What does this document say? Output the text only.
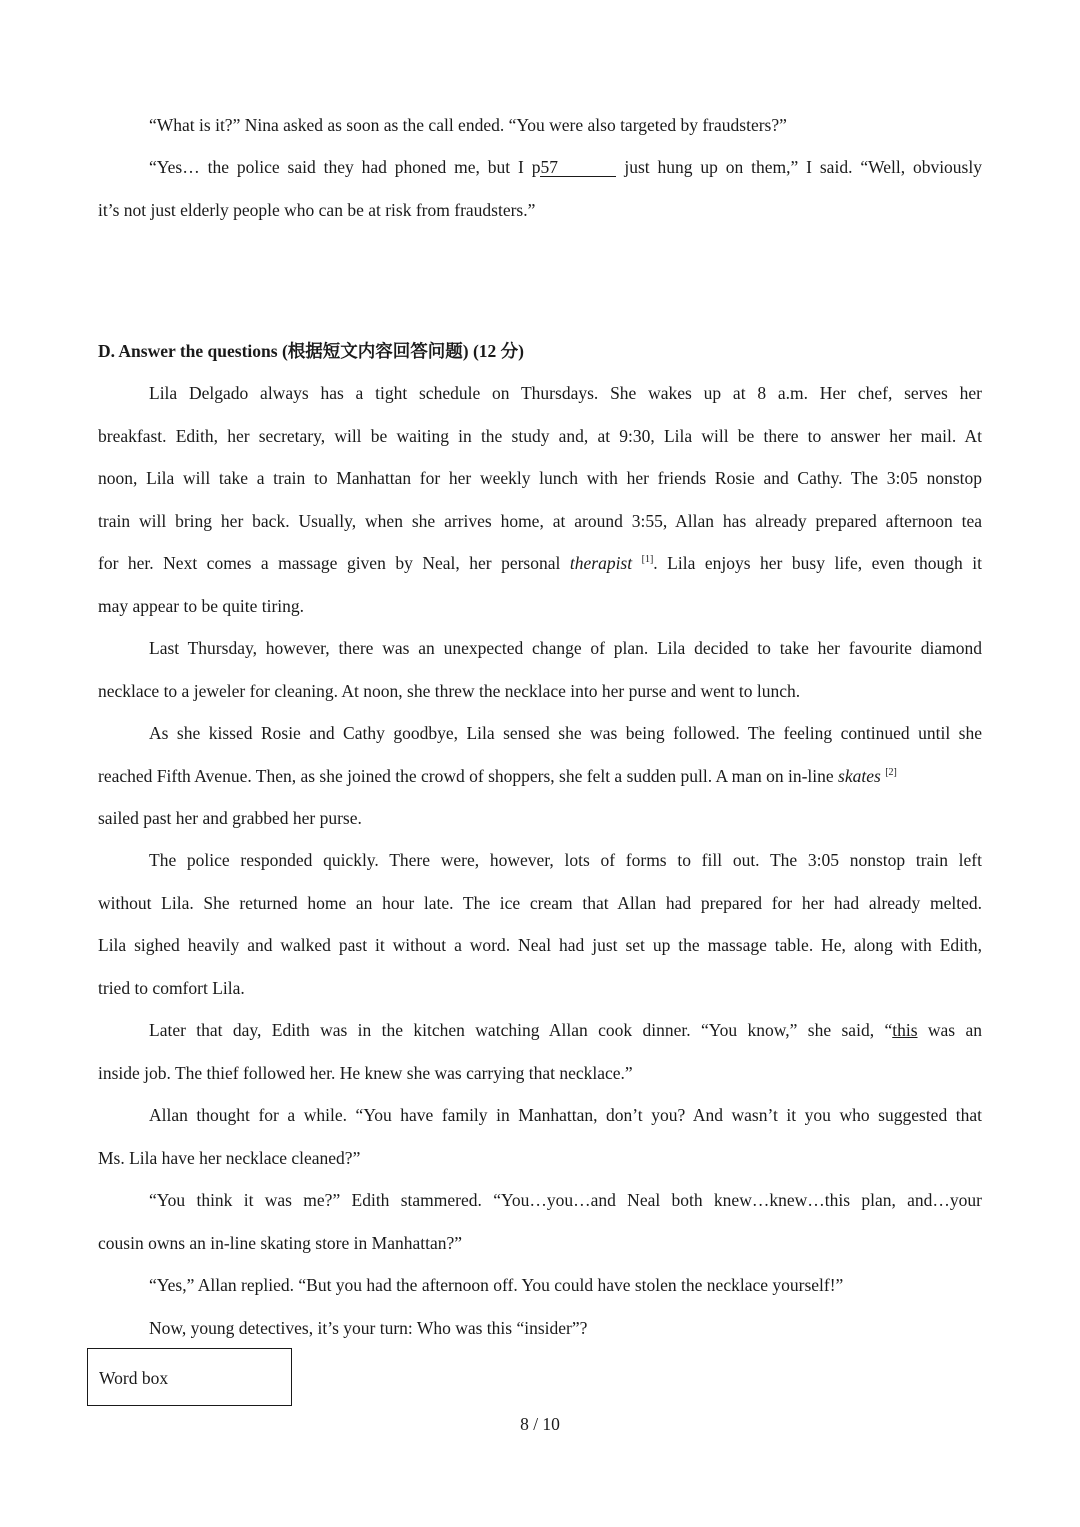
“What is it?” Nina asked as soon as the call ended. “You were also targeted by fraudsters?”
“Yes… the police said they had phoned me, but I p57	just hung up on them,” I said. “Well, obviously
it’s not just elderly people who can be at risk from fraudsters.”
D. Answer the questions (根据短文内容回答问题) (12 分)
Lila Delgado always has a tight schedule on Thursdays. She wakes up at 8 a.m. Her chef, serves her
breakfast. Edith, her secretary, will be waiting in the study and, at 9:30, Lila will be there to answer her mail. At
noon, Lila will take a train to Manhattan for her weekly lunch with her friends Rosie and Cathy. The 3:05 nonstop
train will bring her back. Usually, when she arrives home, at around 3:55, Allan has already prepared afternoon tea
for her. Next comes a massage given by Neal, her personal therapist [1]. Lila enjoys her busy life, even though it
may appear to be quite tiring.
Last Thursday, however, there was an unexpected change of plan. Lila decided to take her favourite diamond
necklace to a jeweler for cleaning. At noon, she threw the necklace into her purse and went to lunch.
As she kissed Rosie and Cathy goodbye, Lila sensed she was being followed. The feeling continued until she
reached Fifth Avenue. Then, as she joined the crowd of shoppers, she felt a sudden pull. A man on in-line skates [2]
sailed past her and grabbed her purse.
The police responded quickly. There were, however, lots of forms to fill out. The 3:05 nonstop train left
without Lila. She returned home an hour late. The ice cream that Allan had prepared for her had already melted.
Lila sighed heavily and walked past it without a word. Neal had just set up the massage table. He, along with Edith,
tried to comfort Lila.
Later that day, Edith was in the kitchen watching Allan cook dinner. “You know,” she said, “this was an
inside job. The thief followed her. He knew she was carrying that necklace.”
Allan thought for a while. “You have family in Manhattan, don’t you? And wasn’t it you who suggested that
Ms. Lila have her necklace cleaned?”
“You think it was me?” Edith stammered. “You…you…and Neal both knew…knew…this plan, and…your
cousin owns an in-line skating store in Manhattan?”
“Yes,” Allan replied. “But you had the afternoon off. You could have stolen the necklace yourself!”
Now, young detectives, it’s your turn: Who was this “insider”?
Word box
8 / 10
